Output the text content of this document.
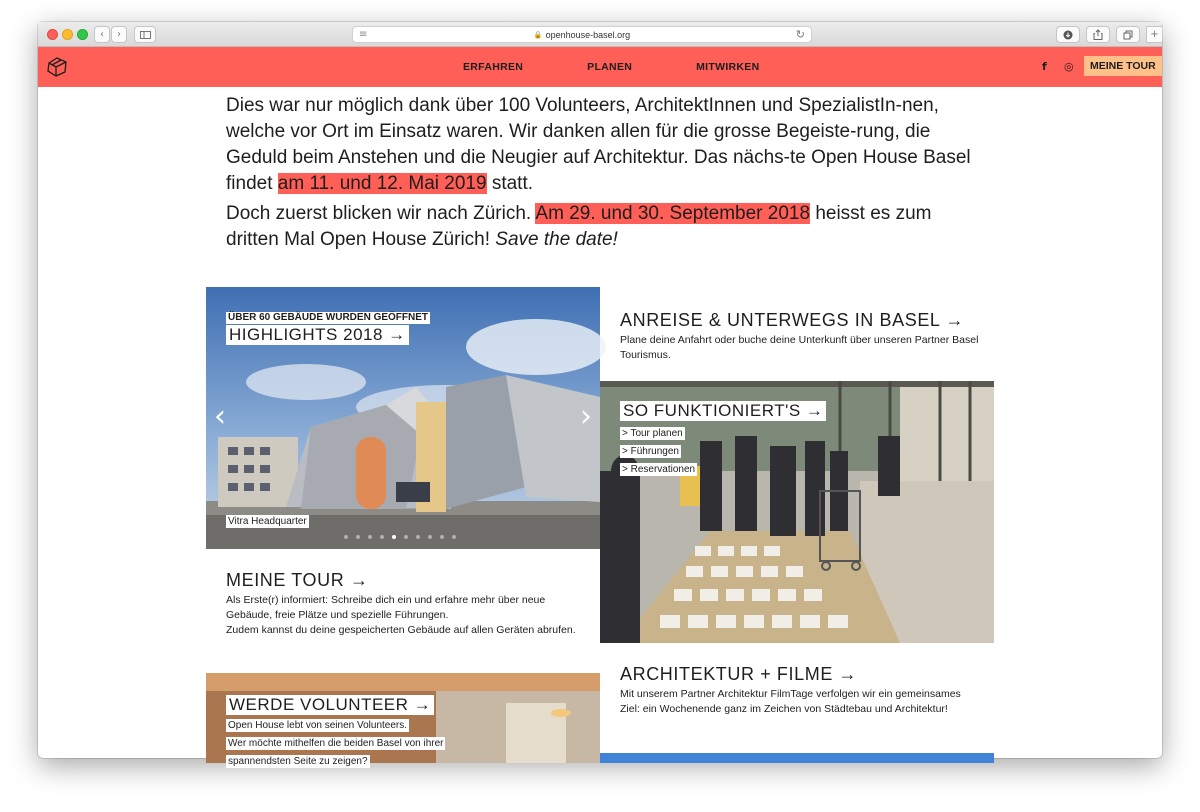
‹ ›	≡	🔒 openhouse-basel.org	↻	+
ERFAHREN	PLANEN	MITWIRKEN	f ◎	MEINE TOUR

Dies war nur möglich dank über 100 Volunteers, ArchitektInnen und SpezialistIn-nen, welche vor Ort im Einsatz waren. Wir danken allen für die grosse Begeiste-rung, die Geduld beim Anstehen und die Neugier auf Architektur. Das nächs-te Open House Basel findet am 11. und 12. Mai 2019 statt.

Doch zuerst blicken wir nach Zürich. Am 29. und 30. September 2018 heisst es zum dritten Mal Open House Zürich! Save the date!

ÜBER 60 GEBÄUDE WURDEN GEÖFFNET
HIGHLIGHTS 2018 →
‹	›
Vitra Headquarter
ANREISE & UNTERWEGS IN BASEL →
Plane deine Anfahrt oder buche deine Unterkunft über unseren Partner Basel Tourismus.
SO FUNKTIONIERT'S →
> Tour planen
> Führungen
> Reservationen
MEINE TOUR →
Als Erste(r) informiert: Schreibe dich ein und erfahre mehr über neue Gebäude, freie Plätze und spezielle Führungen.
Zudem kannst du deine gespeicherten Gebäude auf allen Geräten abrufen.
WERDE VOLUNTEER →
Open House lebt von seinen Volunteers.
Wer möchte mithelfen die beiden Basel von ihrer
spannendsten Seite zu zeigen?
ARCHITEKTUR + FILME →
Mit unserem Partner Architektur FilmTage verfolgen wir ein gemeinsames Ziel: ein Wochenende ganz im Zeichen von Städtebau und Architektur!
